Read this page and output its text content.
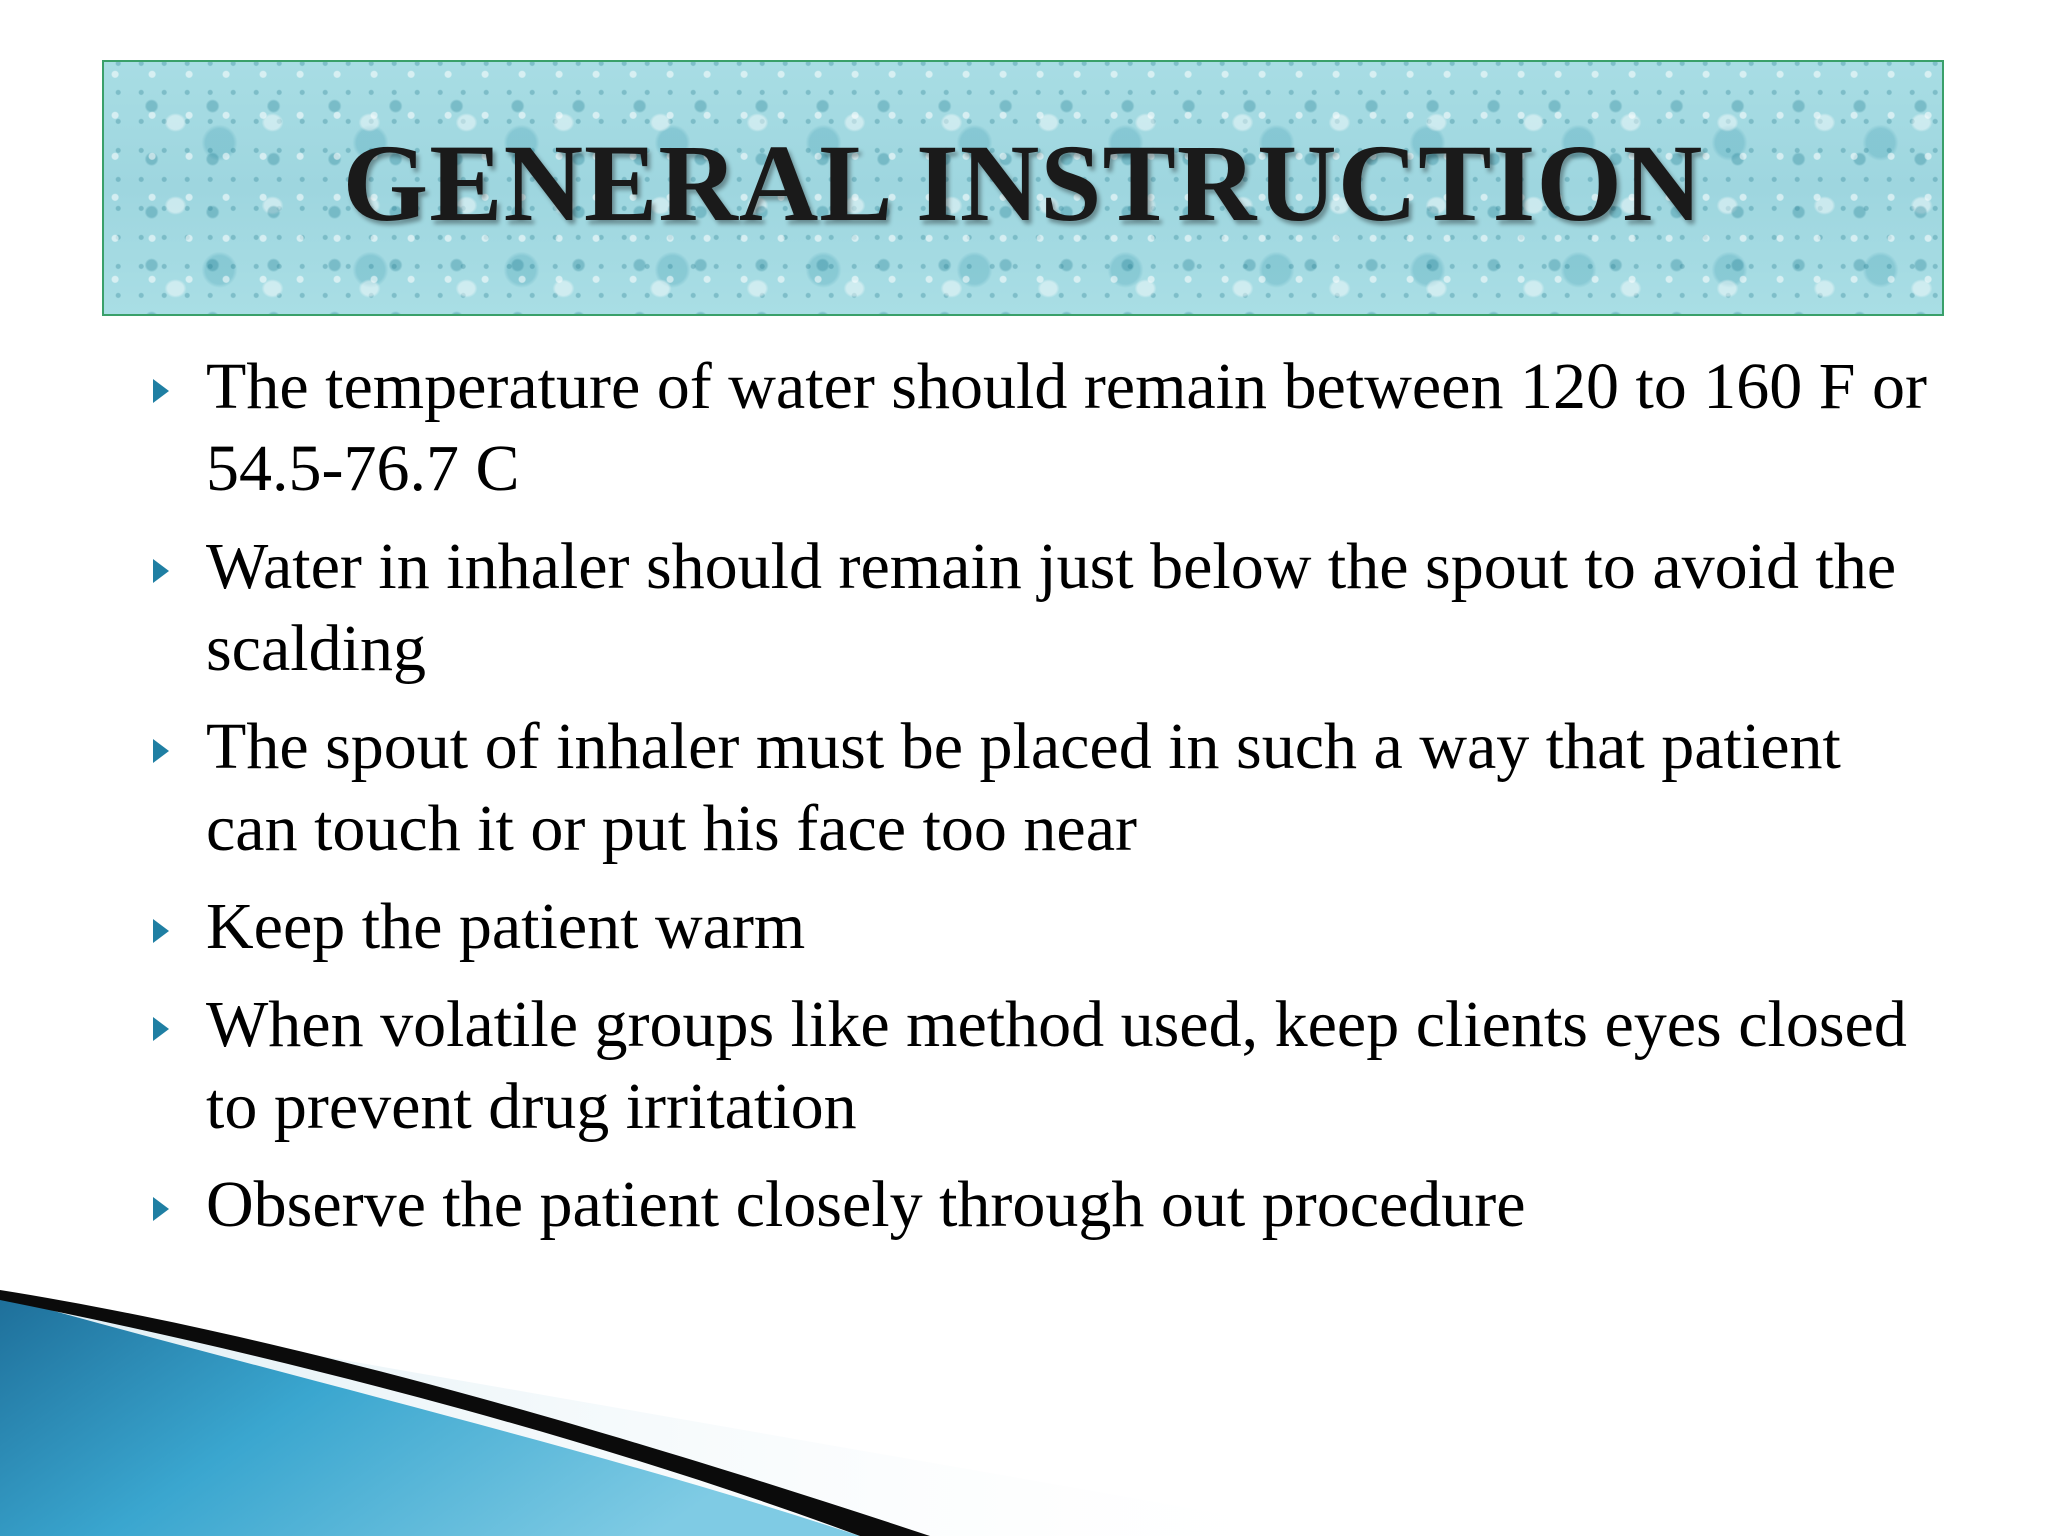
GENERAL INSTRUCTION
The temperature of water should remain between 120 to 160 F or 54.5-76.7 C
Water in inhaler should remain just below the spout to avoid the scalding
The spout of inhaler must be placed in such a way that patient can touch it or put his face too near
Keep the patient warm
When volatile groups like method used, keep clients eyes closed to prevent drug irritation
Observe the patient closely through out procedure
